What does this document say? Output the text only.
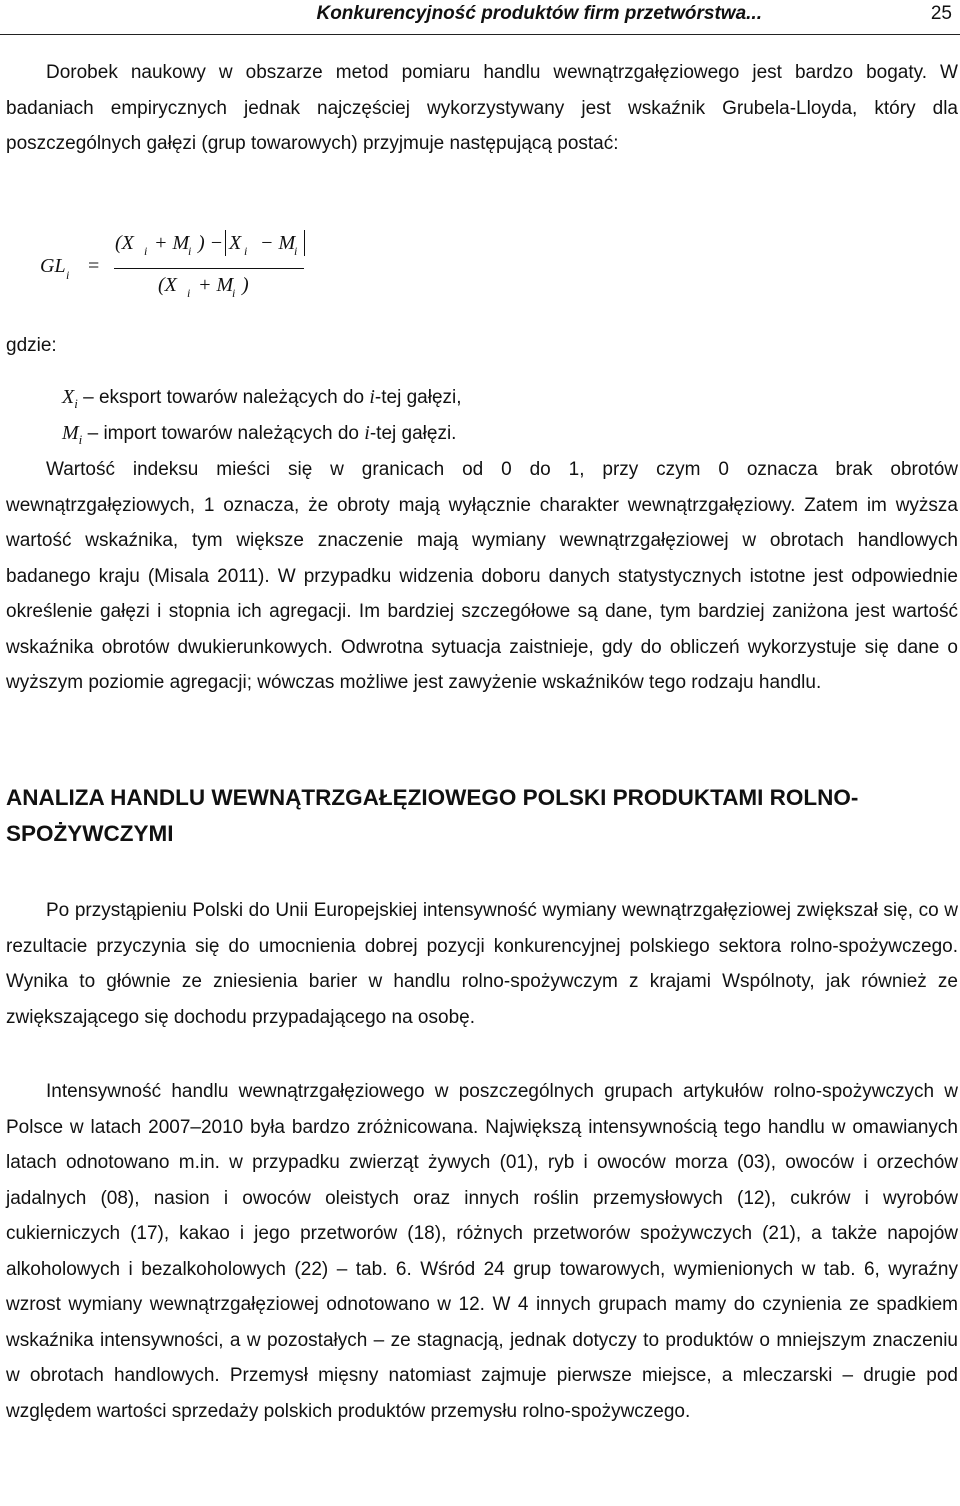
Konkurencyjność produktów firm przetwórstwa...	25

Dorobek naukowy w obszarze metod pomiaru handlu wewnątrzgałęziowego jest bardzo bogaty. W badaniach empirycznych jednak najczęściej wykorzystywany jest wskaźnik Grubela-Lloyda, który dla poszczególnych gałęzi (grup towarowych) przyjmuje następującą postać:

GL i =
(X i + M
i ) − X i − M
i
(X i + M
i )
gdzie:
$X_i$ – eksport towarów należących do i-tej gałęzi,
$M_i$ – import towarów należących do i-tej gałęzi.

Wartość indeksu mieści się w granicach od 0 do 1, przy czym 0 oznacza brak obrotów wewnątrzgałęziowych, 1 oznacza, że obroty mają wyłącznie charakter wewnątrzgałęziowy. Zatem im wyższa wartość wskaźnika, tym większe znaczenie mają wymiany wewnątrzgałęziowej w obrotach handlowych badanego kraju (Misala 2011). W przypadku widzenia doboru danych statystycznych istotne jest odpowiednie określenie gałęzi i stopnia ich agregacji. Im bardziej szczegółowe są dane, tym bardziej zaniżona jest wartość wskaźnika obrotów dwukierunkowych. Odwrotna sytuacja zaistnieje, gdy do obliczeń wykorzystuje się dane o wyższym poziomie agregacji; wówczas możliwe jest zawyżenie wskaźników tego rodzaju handlu.

ANALIZA HANDLU WEWNĄTRZGAŁĘZIOWEGO POLSKI PRODUKTAMI ROLNO-SPOŻYWCZYMI

Po przystąpieniu Polski do Unii Europejskiej intensywność wymiany wewnątrzgałęziowej zwiększał się, co w rezultacie przyczynia się do umocnienia dobrej pozycji konkurencyjnej polskiego sektora rolno-spożywczego. Wynika to głównie ze zniesienia barier w handlu rolno-spożywczym z krajami Wspólnoty, jak również ze zwiększającego się dochodu przypadającego na osobę.

Intensywność handlu wewnątrzgałęziowego w poszczególnych grupach artykułów rolno-spożywczych w Polsce w latach 2007–2010 była bardzo zróżnicowana. Największą intensywnością tego handlu w omawianych latach odnotowano m.in. w przypadku zwierząt żywych (01), ryb i owoców morza (03), owoców i orzechów jadalnych (08), nasion i owoców oleistych oraz innych roślin przemysłowych (12), cukrów i wyrobów cukierniczych (17), kakao i jego przetworów (18), różnych przetworów spożywczych (21), a także napojów alkoholowych i bezalkoholowych (22) – tab. 6. Wśród 24 grup towarowych, wymienionych w tab. 6, wyraźny wzrost wymiany wewnątrzgałęziowej odnotowano w 12. W 4 innych grupach mamy do czynienia ze spadkiem wskaźnika intensywności, a w pozostałych – ze stagnacją, jednak dotyczy to produktów o mniejszym znaczeniu w obrotach handlowych. Przemysł mięsny natomiast zajmuje pierwsze miejsce, a mleczarski – drugie pod względem wartości sprzedaży polskich produktów przemysłu rolno-spożywczego.
